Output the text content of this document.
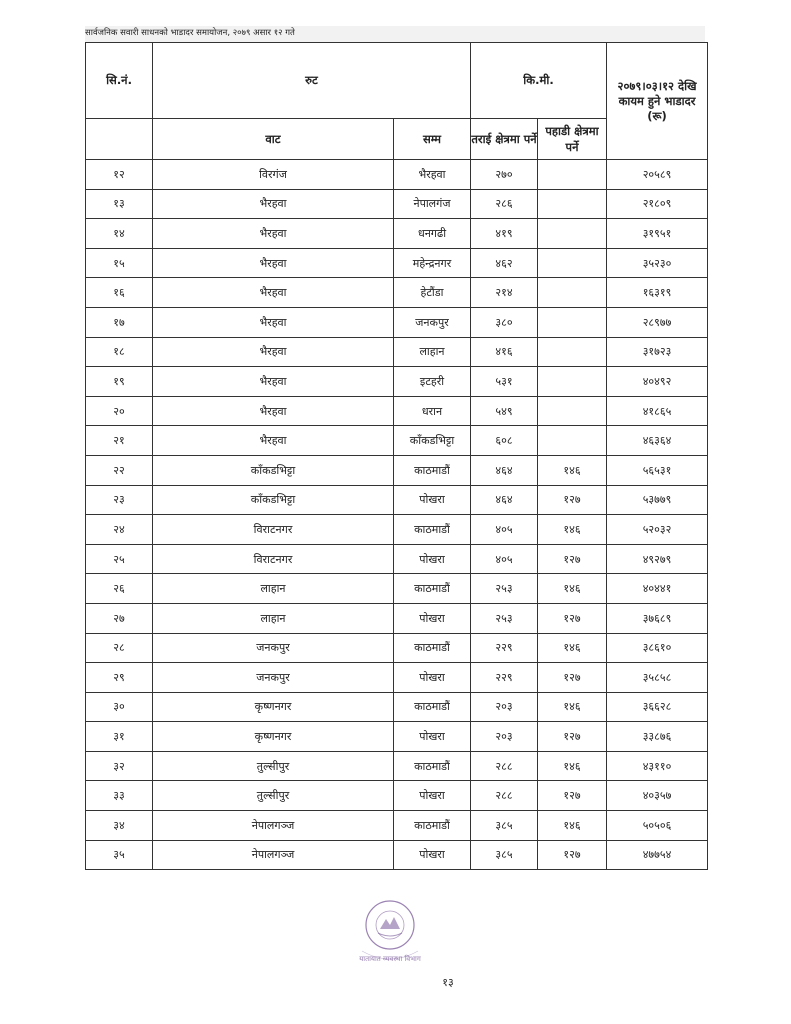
सार्वजनिक सवारी साधनको भाडादर समायोजन, २०७९ असार १२ गते
सि.नं.	रुट		कि.मी.		२०७९।०३।१२ देखि कायम हुने भाडादर (रू)
	वाट	सम्म	तराई क्षेत्रमा पर्ने	पहाडी क्षेत्रमा पर्ने	
१२	विरगंज	भैरहवा	२७०		२०५८९
१३	भैरहवा	नेपालगंज	२८६		२१८०९
१४	भैरहवा	धनगढी	४१९		३१९५१
१५	भैरहवा	महेन्द्रनगर	४६२		३५२३०
१६	भैरहवा	हेटौंडा	२१४		१६३१९
१७	भैरहवा	जनकपुर	३८०		२८९७७
१८	भैरहवा	लाहान	४१६		३१७२३
१९	भैरहवा	इटहरी	५३१		४०४९२
२०	भैरहवा	धरान	५४९		४१८६५
२१	भैरहवा	काँकडभिट्टा	६०८		४६३६४
२२	काँकडभिट्टा	काठमाडौं	४६४	१४६	५६५३१
२३	काँकडभिट्टा	पोखरा	४६४	१२७	५३७७९
२४	विराटनगर	काठमाडौं	४०५	१४६	५२०३२
२५	विराटनगर	पोखरा	४०५	१२७	४९२७९
२६	लाहान	काठमाडौं	२५३	१४६	४०४४१
२७	लाहान	पोखरा	२५३	१२७	३७६८९
२८	जनकपुर	काठमाडौं	२२९	१४६	३८६१०
२९	जनकपुर	पोखरा	२२९	१२७	३५८५८
३०	कृष्णनगर	काठमाडौं	२०३	१४६	३६६२८
३१	कृष्णनगर	पोखरा	२०३	१२७	३३८७६
३२	तुल्सीपुर	काठमाडौं	२८८	१४६	४३११०
३३	तुल्सीपुर	पोखरा	२८८	१२७	४०३५७
३४	नेपालगञ्ज	काठमाडौं	३८५	१४६	५०५०६
३५	नेपालगञ्ज	पोखरा	३८५	१२७	४७७५४
यातायात व्यवस्था विभाग
१३
